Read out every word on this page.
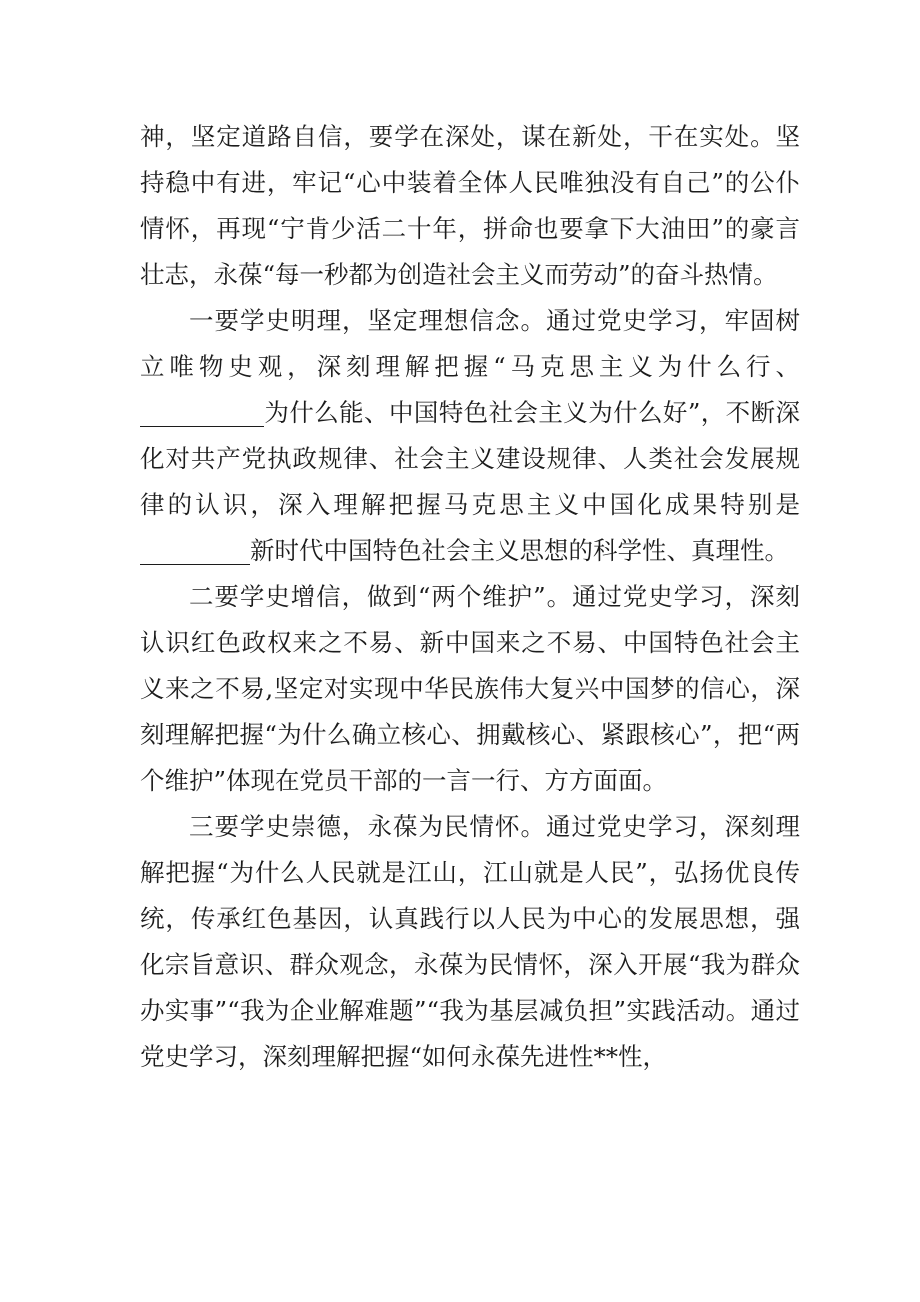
神，坚定道路自信，要学在深处，谋在新处，干在实处。坚持稳中有进，牢记“心中装着全体人民唯独没有自己”的公仆情怀，再现“宁肯少活二十年，拼命也要拿下大油田”的豪言壮志，永葆“每一秒都为创造社会主义而劳动”的奋斗热情。

一要学史明理，坚定理想信念。通过党史学习，牢固树立唯物史观，深刻理解把握“马克思主义为什么行、为什么能、中国特色社会主义为什么好”，不断深化对共产党执政规律、社会主义建设规律、人类社会发展规律的认识，深入理解把握马克思主义中国化成果特别是新时代中国特色社会主义思想的科学性、真理性。

二要学史增信，做到“两个维护”。通过党史学习，深刻认识红色政权来之不易、新中国来之不易、中国特色社会主义来之不易,坚定对实现中华民族伟大复兴中国梦的信心，深刻理解把握“为什么确立核心、拥戴核心、紧跟核心”，把“两个维护”体现在党员干部的一言一行、方方面面。

三要学史崇德，永葆为民情怀。通过党史学习，深刻理解把握“为什么人民就是江山，江山就是人民”，弘扬优良传统，传承红色基因，认真践行以人民为中心的发展思想，强化宗旨意识、群众观念，永葆为民情怀，深入开展“我为群众办实事”“我为企业解难题”“我为基层减负担”实践活动。通过党史学习，深刻理解把握“如何永葆先进性**性，
